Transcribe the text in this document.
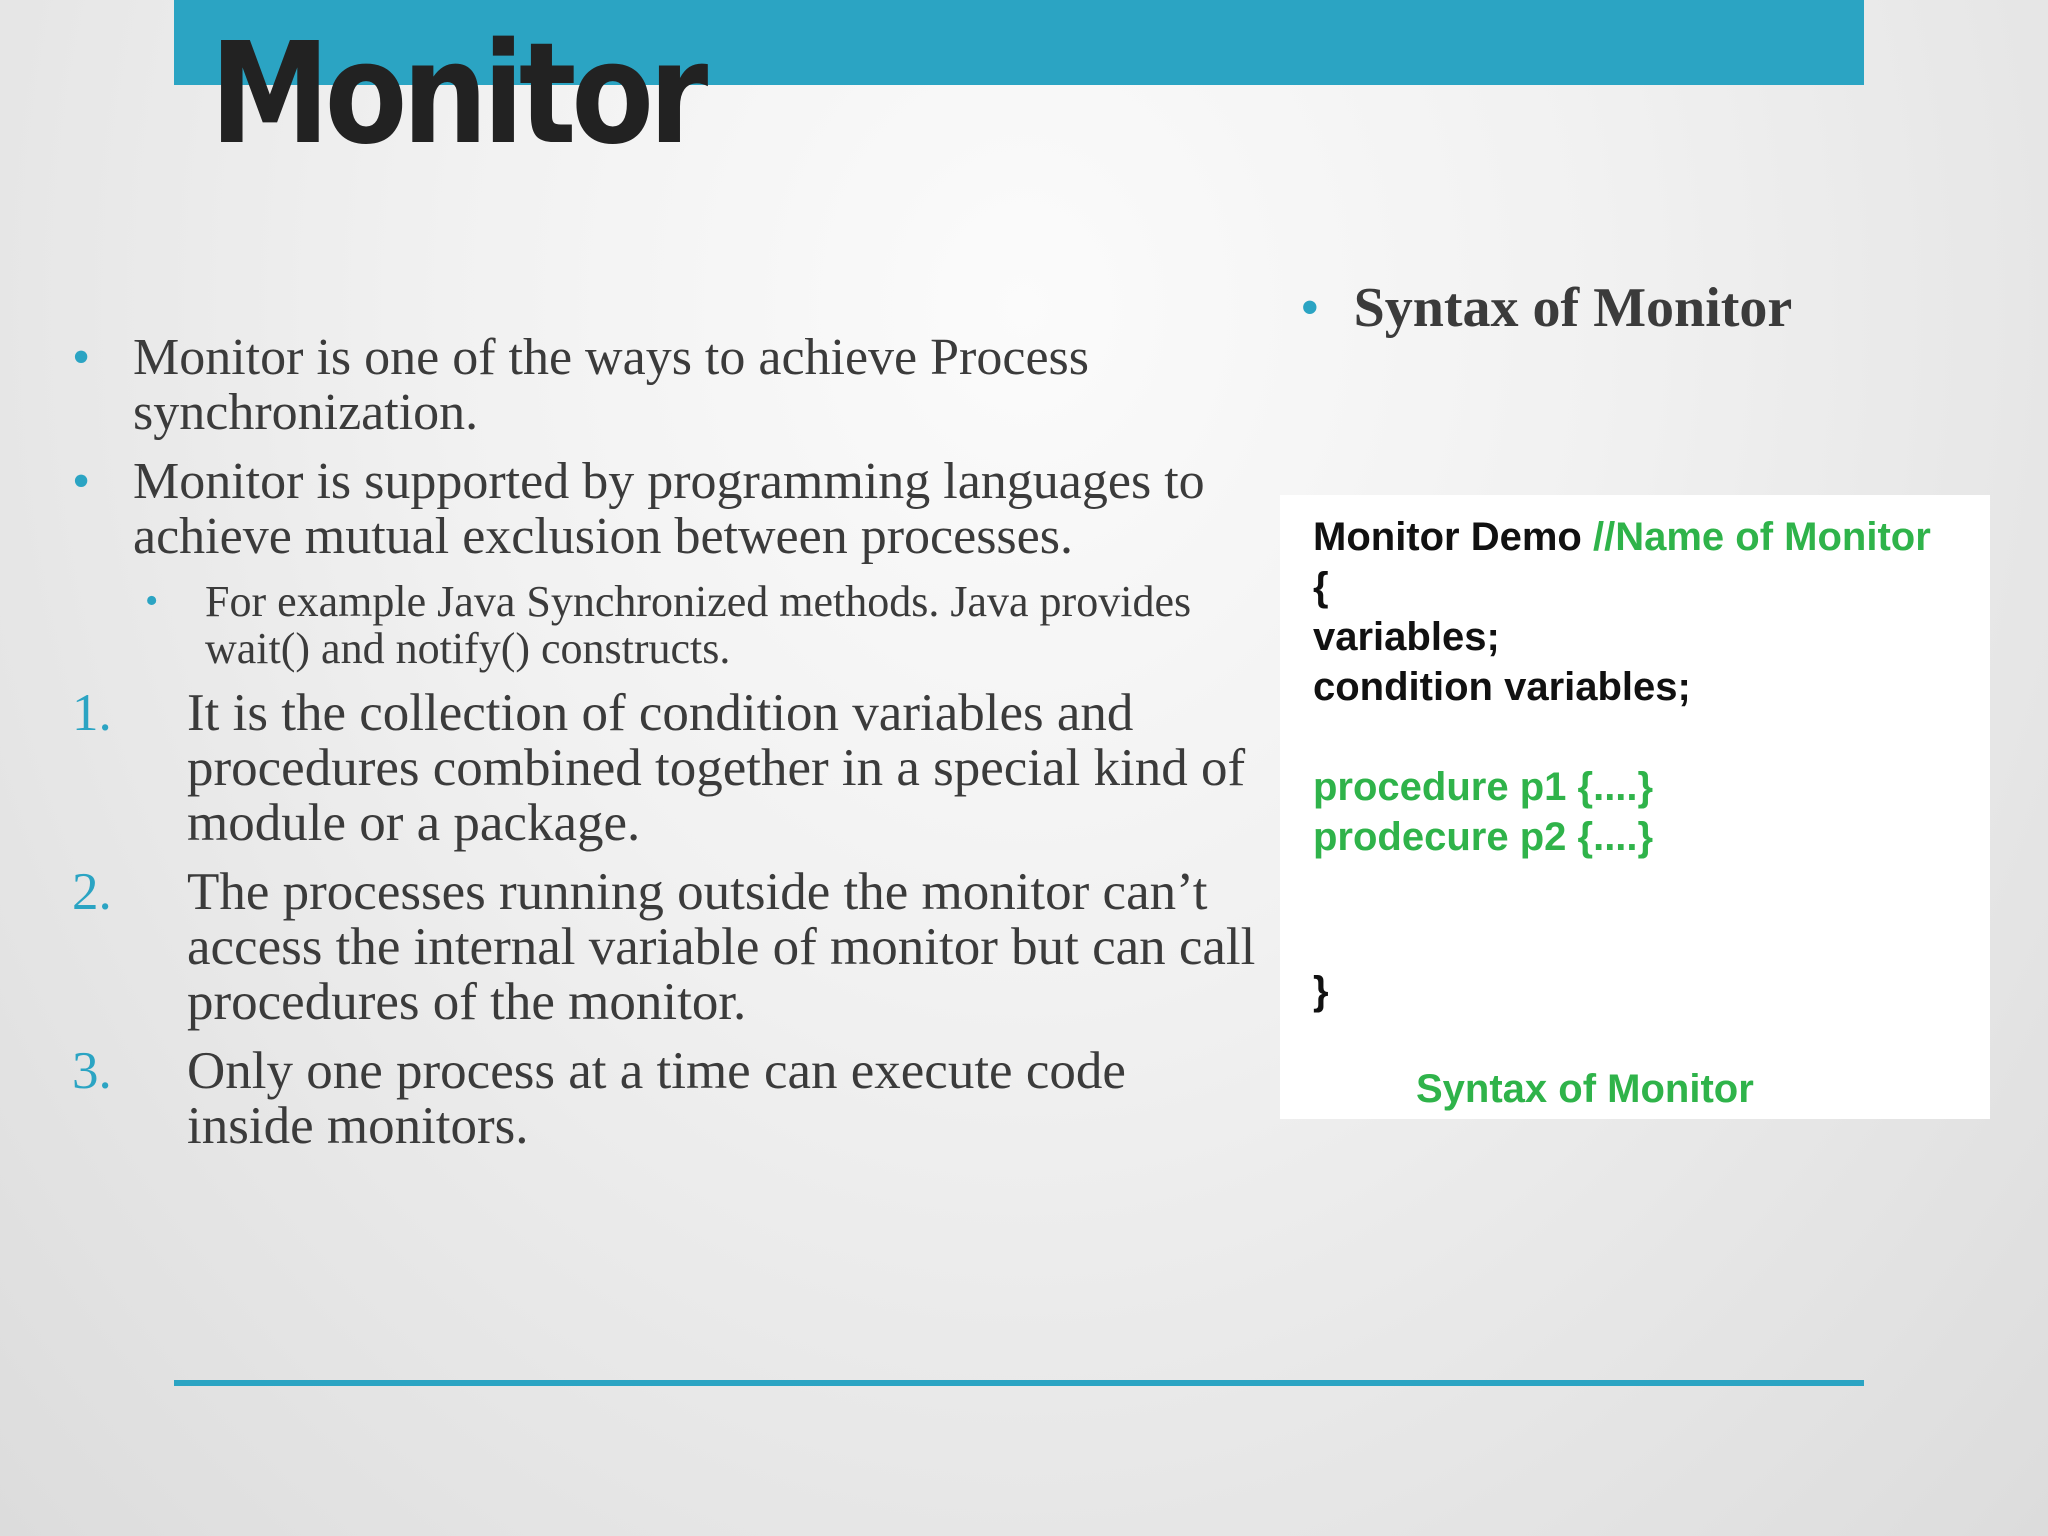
Monitor

• Monitor is one of the ways to achieve Process synchronization.

• Monitor is supported by programming languages to achieve mutual exclusion between processes.

• For example Java Synchronized methods. Java provides wait() and notify() constructs.

1. It is the collection of condition variables and procedures combined together in a special kind of module or a package.

2. The processes running outside the monitor can’t access the internal variable of monitor but can call procedures of the monitor.

3. Only one process at a time can execute code inside monitors.

• Syntax of Monitor

Monitor Demo //Name of Monitor
{
variables;
condition variables;
procedure p1 {....}
prodecure p2 {....}
}
Syntax of Monitor
